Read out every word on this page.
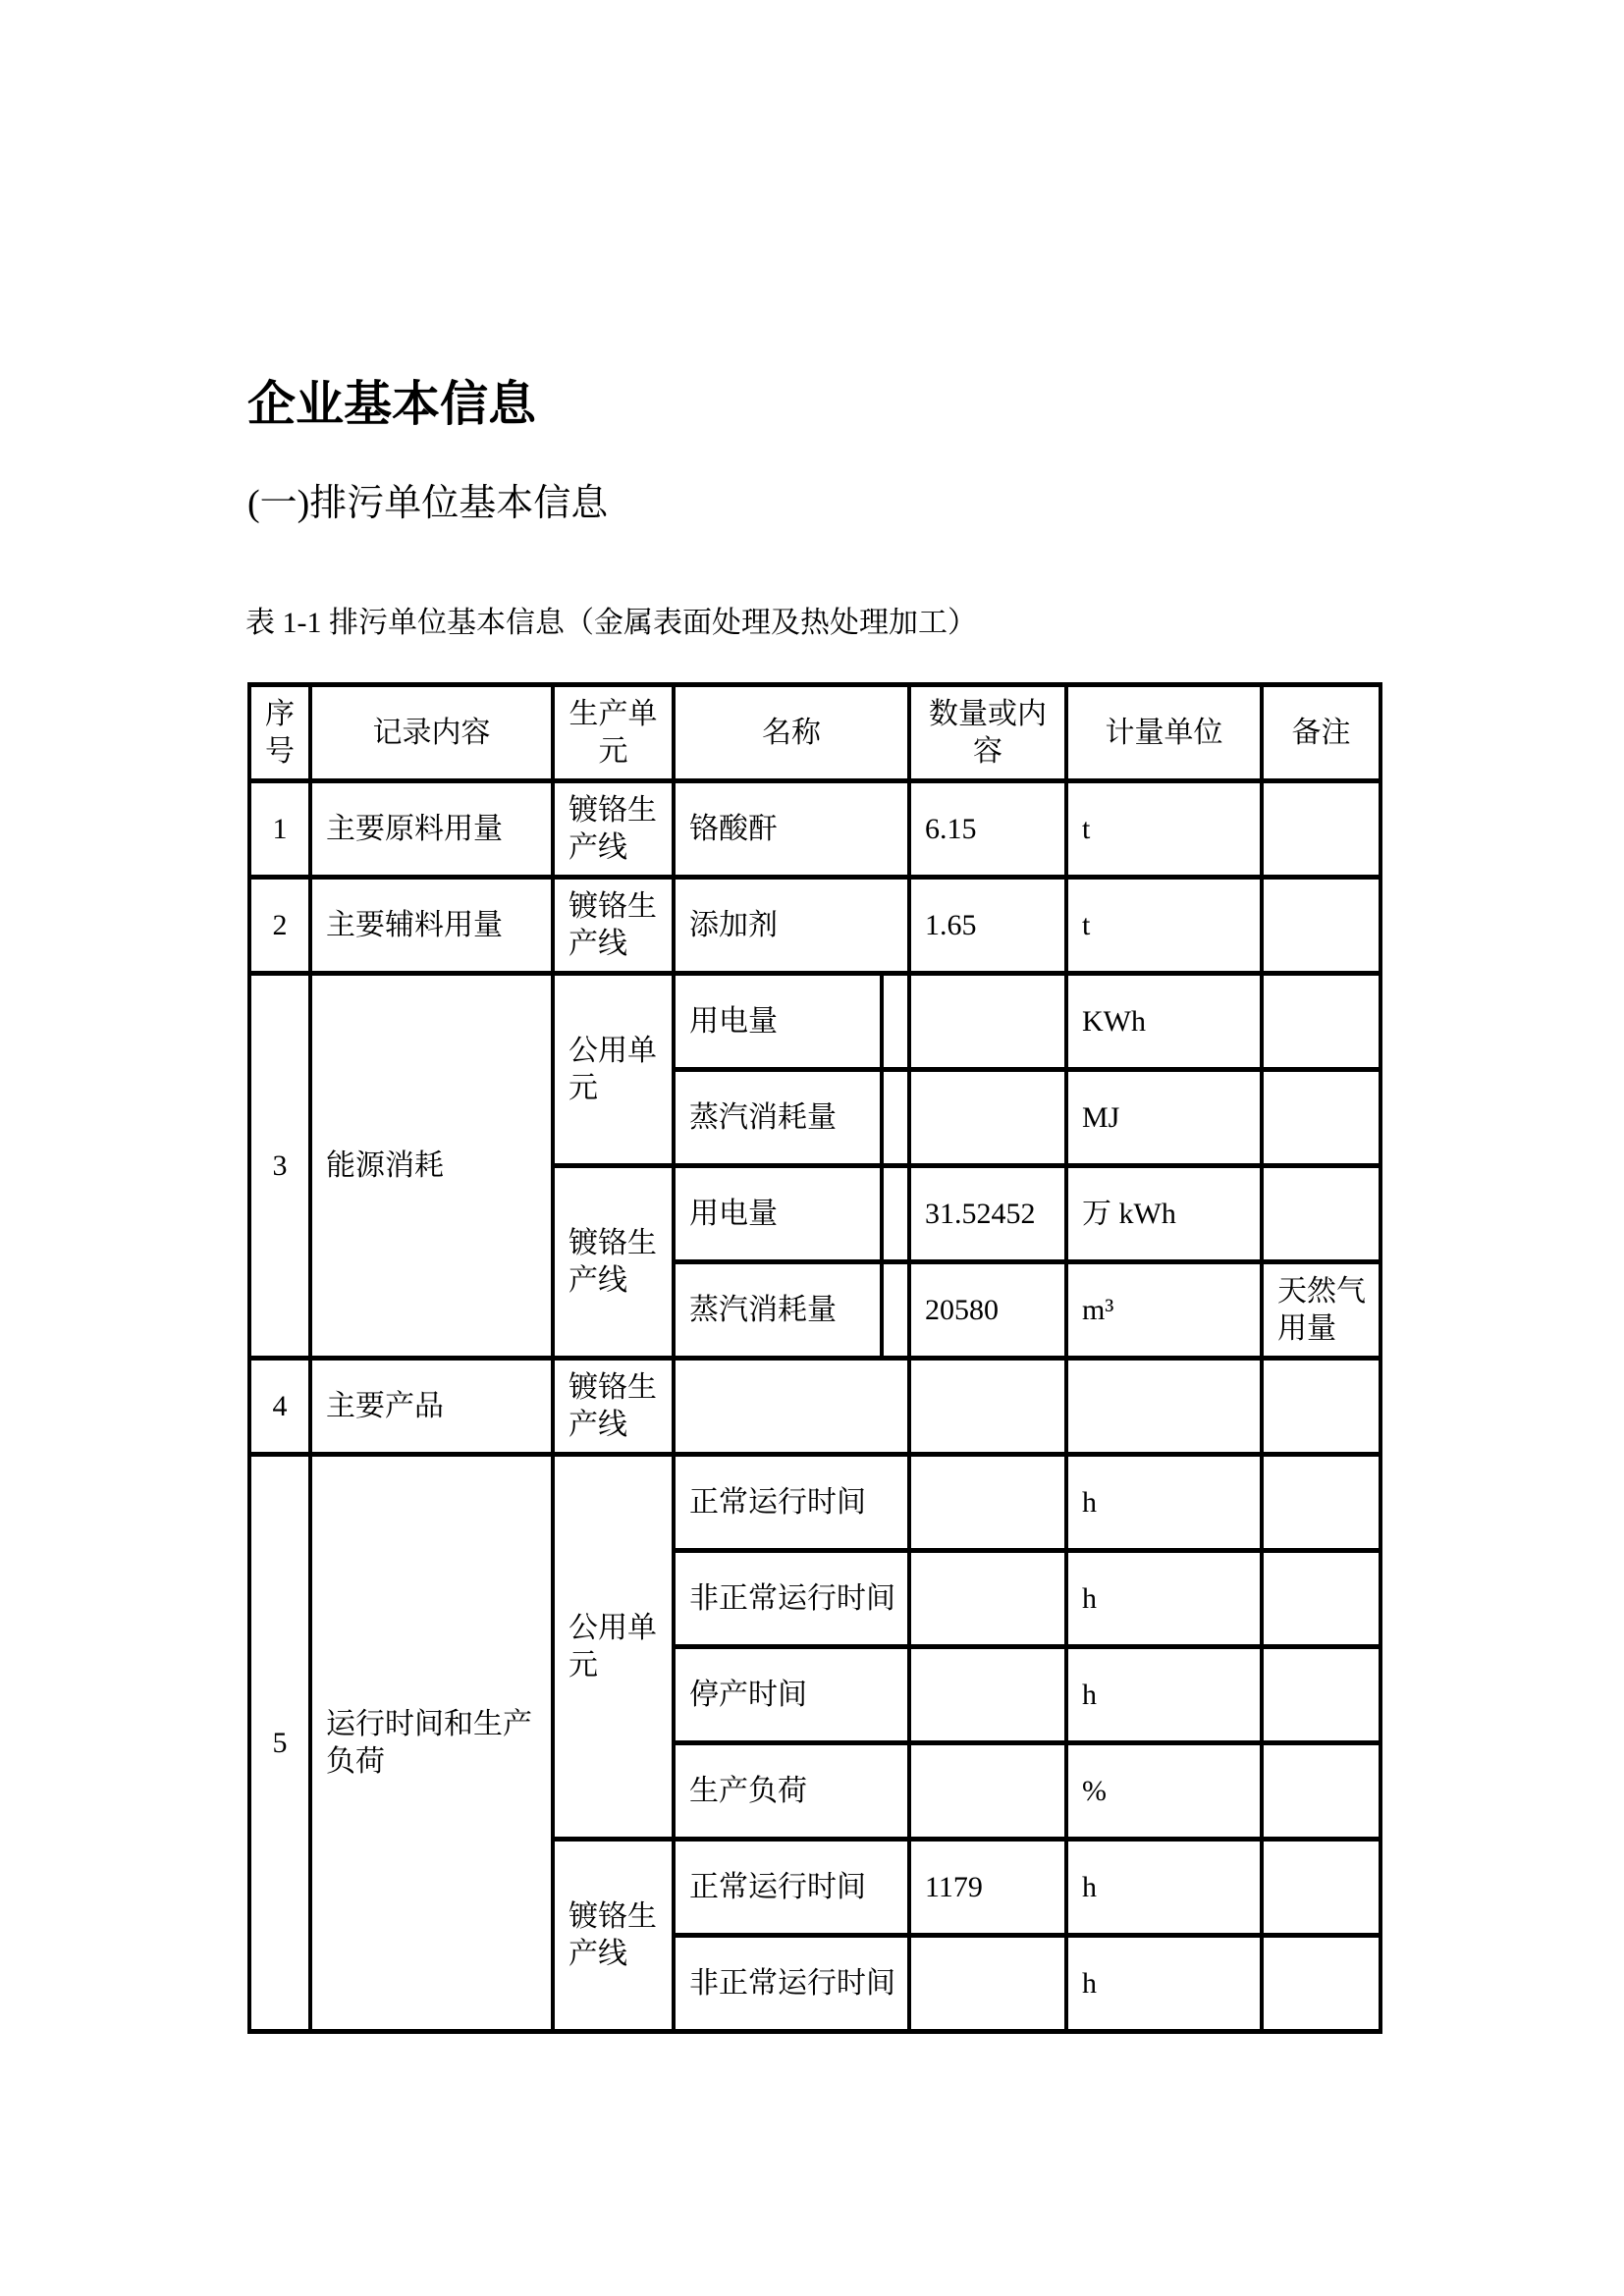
企业基本信息
(一)排污单位基本信息
表 1-1 排污单位基本信息（金属表面处理及热处理加工）
序号	记录内容	生产单元	名称		数量或内容	计量单位	备注
1	主要原料用量	镀铬生产线	铬酸酐		6.15	t	
2	主要辅料用量	镀铬生产线	添加剂		1.65	t	
3	能源消耗	公用单元	用电量			KWh	
			蒸汽消耗量			MJ	
		镀铬生产线	用电量		31.52452	万 kWh	
			蒸汽消耗量		20580	m³	天然气用量
4	主要产品	镀铬生产线					
5	运行时间和生产负荷	公用单元	正常运行时间			h	
			非正常运行时间			h	
			停产时间			h	
			生产负荷			%	
		镀铬生产线	正常运行时间		1179	h	
			非正常运行时间			h	
